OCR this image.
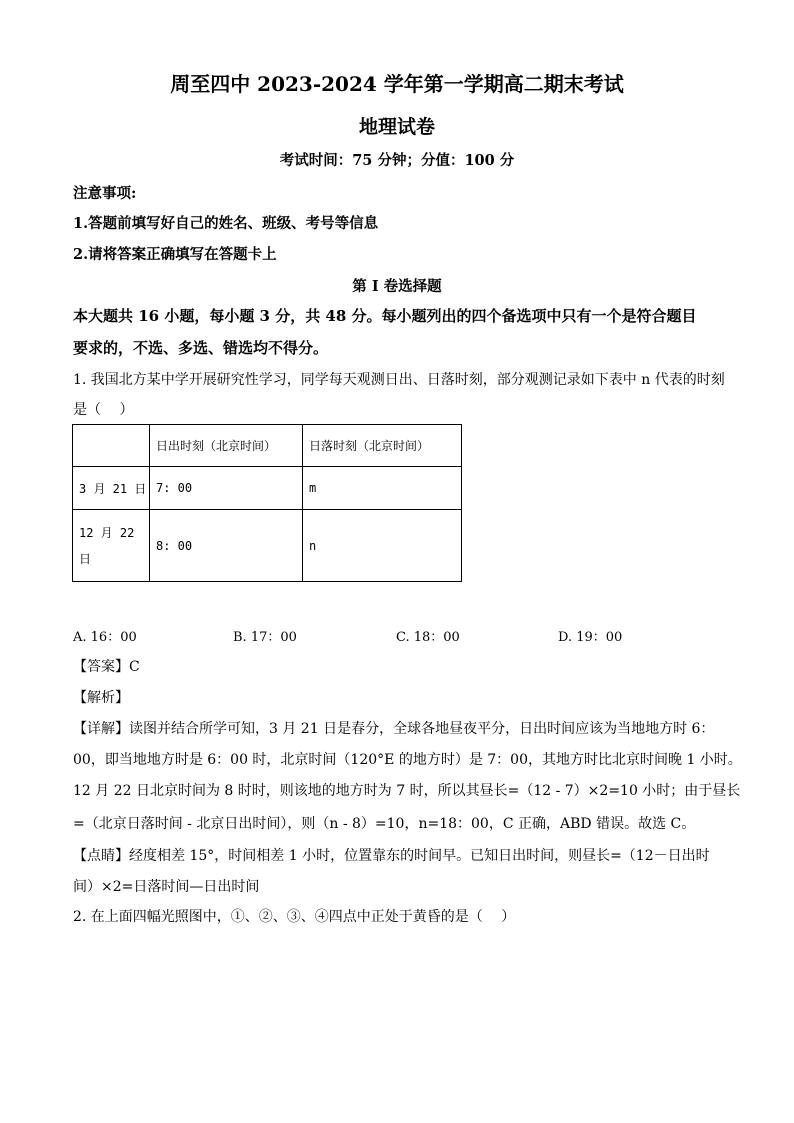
周至四中 2023-2024 学年第一学期高二期末考试
地理试卷
考试时间：75 分钟；分值：100 分
注意事项:
1.答题前填写好自己的姓名、班级、考号等信息
2.请将答案正确填写在答题卡上
第 I 卷选择题
本大题共 16 小题，每小题 3 分，共 48 分。每小题列出的四个备选项中只有一个是符合题目
要求的，不选、多选、错选均不得分。
1. 我国北方某中学开展研究性学习，同学每天观测日出、日落时刻，部分观测记录如下表中 n 代表的时刻
是（　 ）
	日出时刻（北京时间）	日落时刻（北京时间）
3 月 21 日	7: 00	m

12 月 22
日	8: 00	n
A. 16：00	B. 17：00	C. 18：00	D. 19：00
【答案】C
【解析】
【详解】读图并结合所学可知，3 月 21 日是春分，全球各地昼夜平分，日出时间应该为当地地方时 6：
00，即当地地方时是 6：00 时，北京时间（120°E 的地方时）是 7：00，其地方时比北京时间晚 1 小时。
12 月 22 日北京时间为 8 时时，则该地的地方时为 7 时，所以其昼长=（12 - 7）×2=10 小时；由于昼长
=（北京日落时间 - 北京日出时间），则（n - 8）=10，n=18：00，C 正确，ABD 错误。故选 C。
【点睛】经度相差 15°，时间相差 1 小时，位置靠东的时间早。已知日出时间，则昼长=（12－日出时
间）×2=日落时间—日出时间
2. 在上面四幅光照图中，①、②、③、④四点中正处于黄昏的是（　 ）
